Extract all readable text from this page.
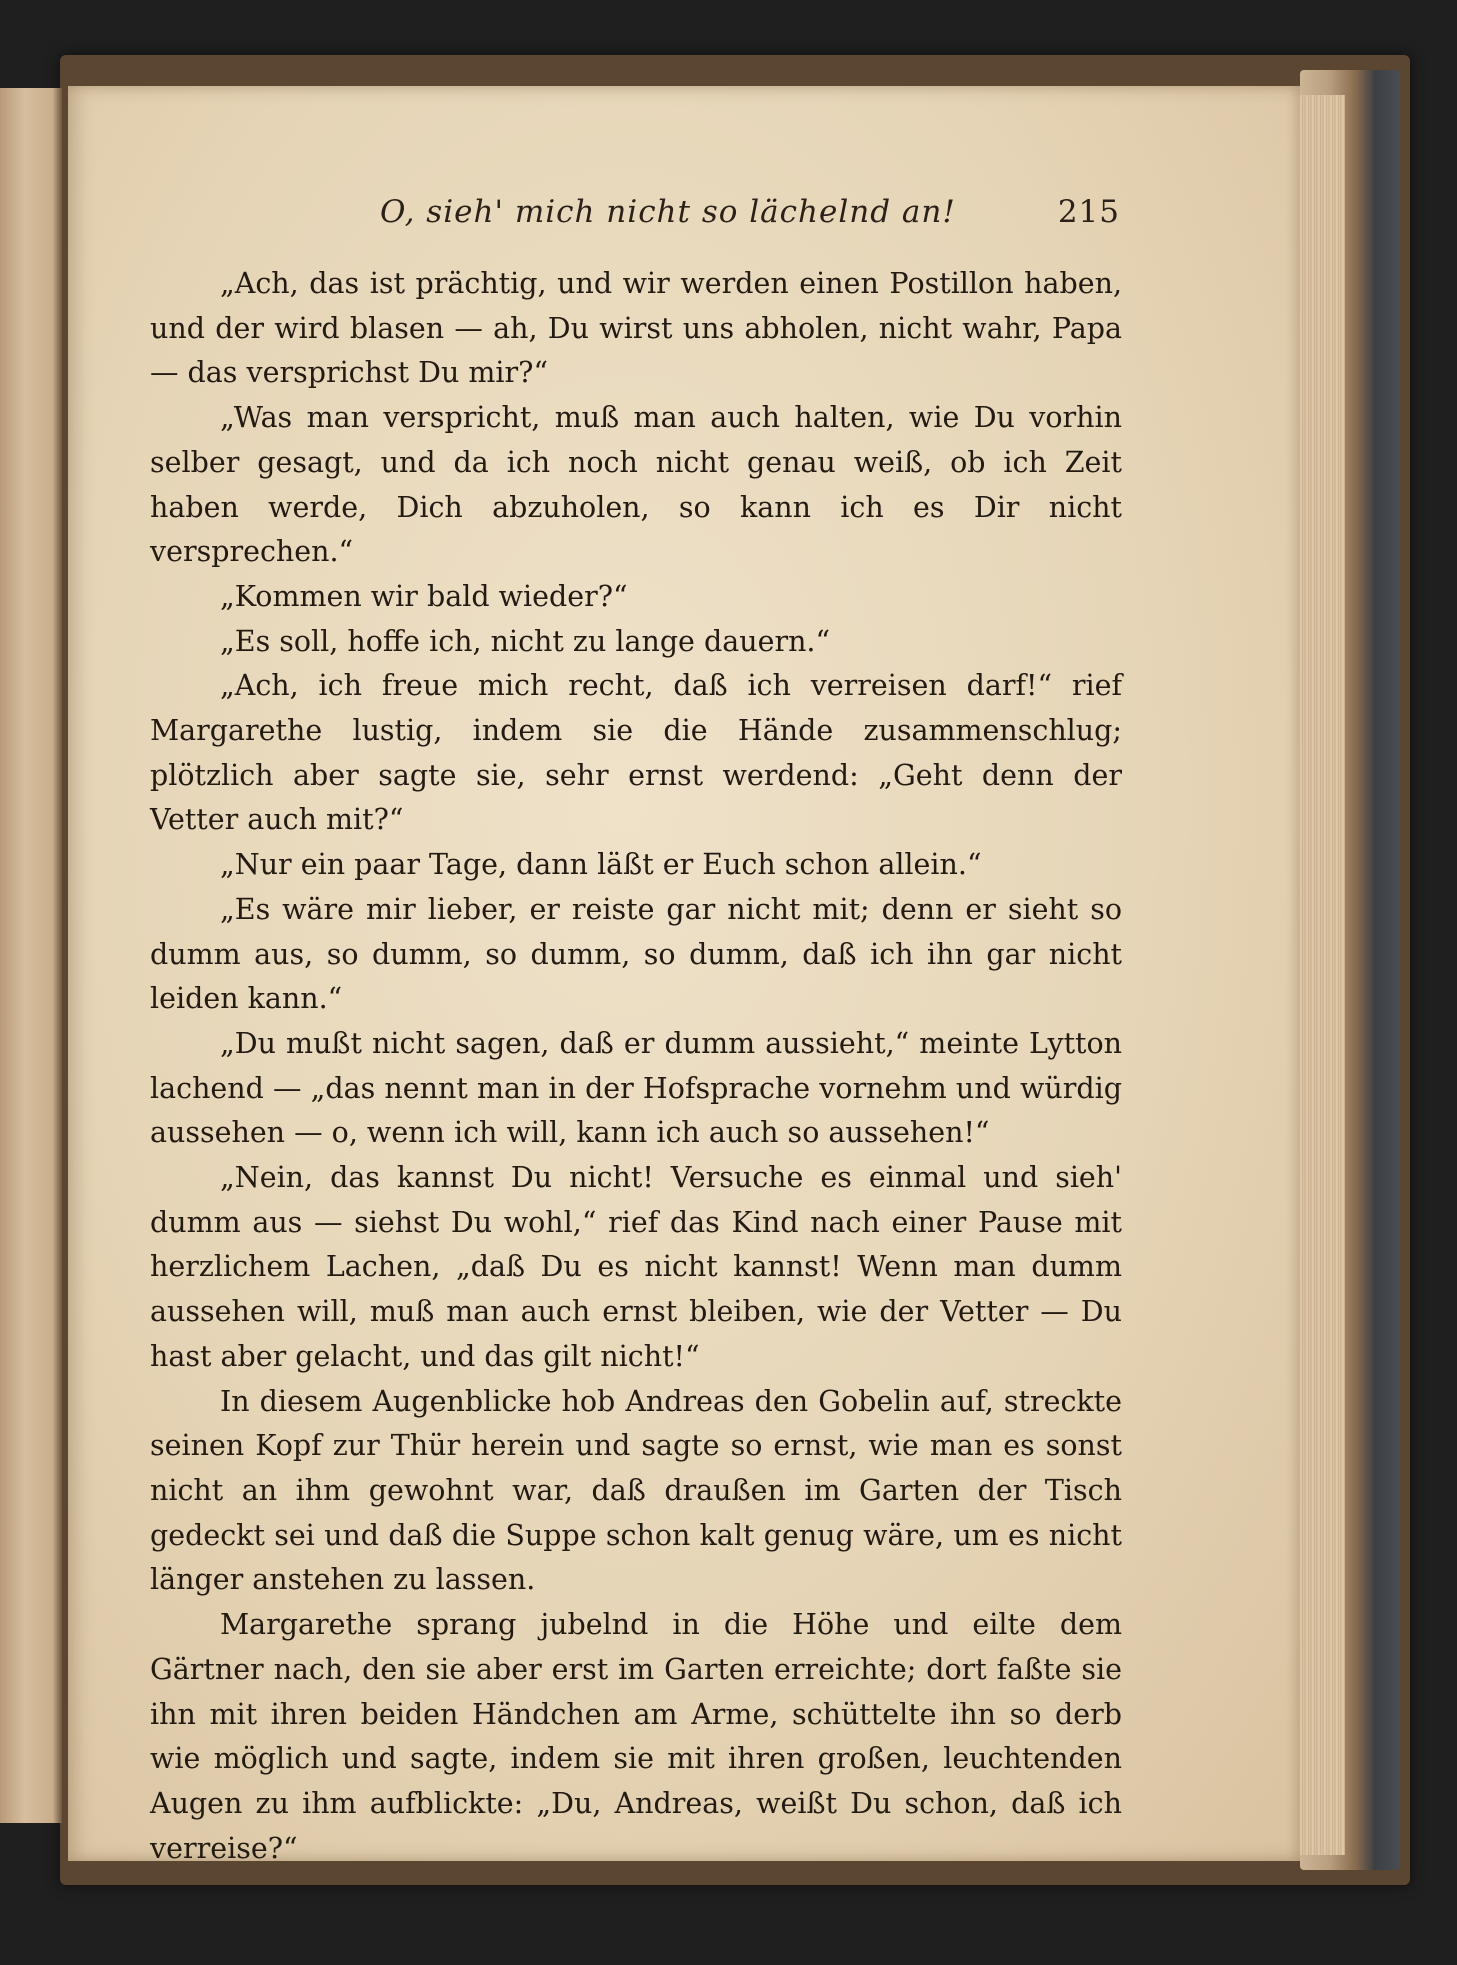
O, sieh' mich nicht so lächelnd an!	215

„Ach, das ist prächtig, und wir werden einen Postillon haben, und der wird blasen — ah, Du wirst uns abholen, nicht wahr, Papa — das versprichst Du mir?“

„Was man verspricht, muß man auch halten, wie Du vorhin selber gesagt, und da ich noch nicht genau weiß, ob ich Zeit haben werde, Dich abzuholen, so kann ich es Dir nicht versprechen.“

„Kommen wir bald wieder?“

„Es soll, hoffe ich, nicht zu lange dauern.“

„Ach, ich freue mich recht, daß ich verreisen darf!“ rief Margarethe lustig, indem sie die Hände zusammenschlug; plötzlich aber sagte sie, sehr ernst werdend: „Geht denn der Vetter auch mit?“

„Nur ein paar Tage, dann läßt er Euch schon allein.“

„Es wäre mir lieber, er reiste gar nicht mit; denn er sieht so dumm aus, so dumm, so dumm, so dumm, daß ich ihn gar nicht leiden kann.“

„Du mußt nicht sagen, daß er dumm aussieht,“ meinte Lytton lachend — „das nennt man in der Hofsprache vornehm und würdig aussehen — o, wenn ich will, kann ich auch so aussehen!“

„Nein, das kannst Du nicht! Versuche es einmal und sieh' dumm aus — siehst Du wohl,“ rief das Kind nach einer Pause mit herzlichem Lachen, „daß Du es nicht kannst! Wenn man dumm aussehen will, muß man auch ernst bleiben, wie der Vetter — Du hast aber gelacht, und das gilt nicht!“

In diesem Augenblicke hob Andreas den Gobelin auf, streckte seinen Kopf zur Thür herein und sagte so ernst, wie man es sonst nicht an ihm gewohnt war, daß draußen im Garten der Tisch gedeckt sei und daß die Suppe schon kalt genug wäre, um es nicht länger anstehen zu lassen.

Margarethe sprang jubelnd in die Höhe und eilte dem Gärtner nach, den sie aber erst im Garten erreichte; dort faßte sie ihn mit ihren beiden Händchen am Arme, schüttelte ihn so derb wie möglich und sagte, indem sie mit ihren großen, leuchtenden Augen zu ihm aufblickte: „Du, Andreas, weißt Du schon, daß ich verreise?“
